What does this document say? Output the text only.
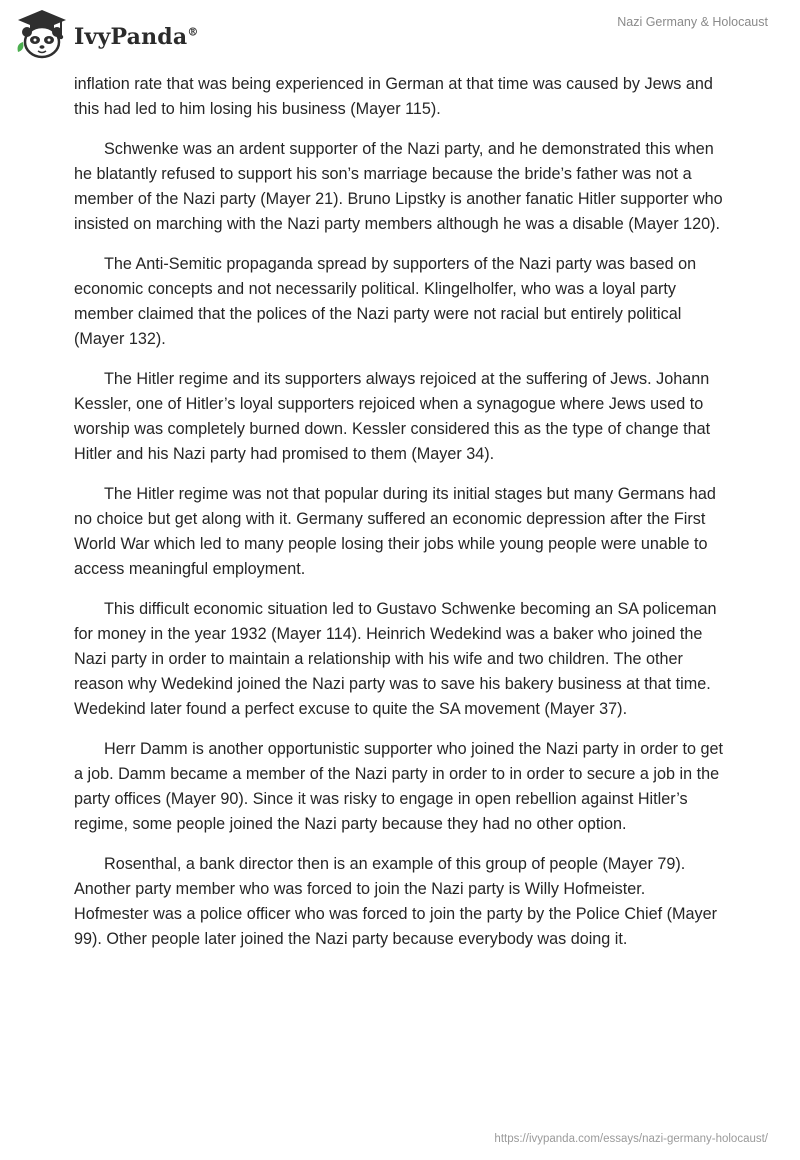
IvyPanda®
Nazi Germany & Holocaust

inflation rate that was being experienced in German at that time was caused by Jews and this had led to him losing his business (Mayer 115).

Schwenke was an ardent supporter of the Nazi party, and he demonstrated this when he blatantly refused to support his son’s marriage because the bride’s father was not a member of the Nazi party (Mayer 21). Bruno Lipstky is another fanatic Hitler supporter who insisted on marching with the Nazi party members although he was a disable (Mayer 120).

The Anti-Semitic propaganda spread by supporters of the Nazi party was based on economic concepts and not necessarily political. Klingelholfer, who was a loyal party member claimed that the polices of the Nazi party were not racial but entirely political (Mayer 132).

The Hitler regime and its supporters always rejoiced at the suffering of Jews. Johann Kessler, one of Hitler’s loyal supporters rejoiced when a synagogue where Jews used to worship was completely burned down. Kessler considered this as the type of change that Hitler and his Nazi party had promised to them (Mayer 34).

The Hitler regime was not that popular during its initial stages but many Germans had no choice but get along with it. Germany suffered an economic depression after the First World War which led to many people losing their jobs while young people were unable to access meaningful employment.

This difficult economic situation led to Gustavo Schwenke becoming an SA policeman for money in the year 1932 (Mayer 114). Heinrich Wedekind was a baker who joined the Nazi party in order to maintain a relationship with his wife and two children. The other reason why Wedekind joined the Nazi party was to save his bakery business at that time. Wedekind later found a perfect excuse to quite the SA movement (Mayer 37).

Herr Damm is another opportunistic supporter who joined the Nazi party in order to get a job. Damm became a member of the Nazi party in order to in order to secure a job in the party offices (Mayer 90). Since it was risky to engage in open rebellion against Hitler’s regime, some people joined the Nazi party because they had no other option.

Rosenthal, a bank director then is an example of this group of people (Mayer 79). Another party member who was forced to join the Nazi party is Willy Hofmeister. Hofmester was a police officer who was forced to join the party by the Police Chief (Mayer 99). Other people later joined the Nazi party because everybody was doing it.

https://ivypanda.com/essays/nazi-germany-holocaust/
